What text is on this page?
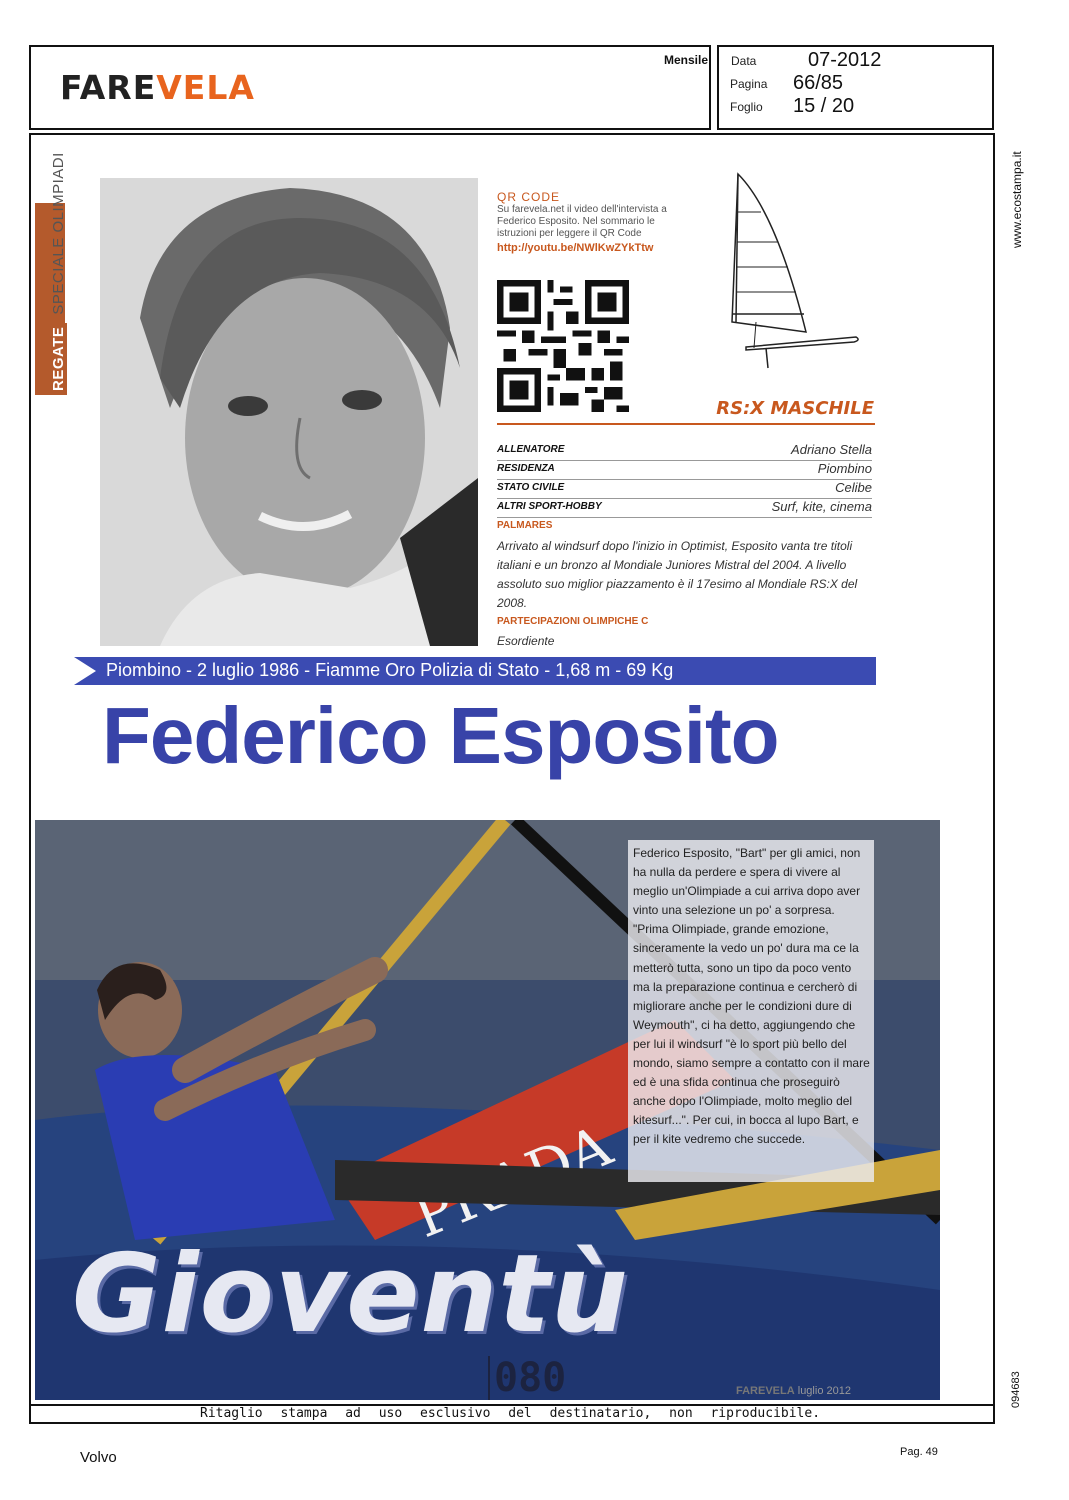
FAREVELA
Mensile Data	07-2012
Pagina 66/85
Foglio 15 / 20
REGATESPECIALE OLIMPIADI	QR CODE
Su farevela.net il video dell'intervista a Federico Esposito. Nel sommario le istruzioni per leggere il QR Code
http://youtu.be/NWlKwZYkTtw
RS:X MASCHILE
ALLENATORE	Adriano Stella
RESIDENZA	Piombino
STATO CIVILE	Celibe
ALTRI SPORT-HOBBY	Surf, kite, cinema
PALMARES
Arrivato al windsurf dopo l'inizio in Optimist, Esposito vanta tre titoli italiani e un bronzo al Mondiale Juniores Mistral del 2004. A livello assoluto suo miglior piazzamento è il 17esimo al Mondiale RS:X del 2008.
PARTECIPAZIONI OLIMPICHE C
Esordiente
Piombino - 2 luglio 1986 - Fiamme Oro Polizia di Stato - 1,68 m - 69 Kg
Federico Esposito
Federico Esposito, "Bart" per gli amici, non ha nulla da perdere e spera di vivere al meglio un'Olimpiade a cui arriva dopo aver vinto una selezione un po' a sorpresa. "Prima Olimpiade, grande emozione, sinceramente la vedo un po' dura ma ce la metterò tutta, sono un tipo da poco vento ma la preparazione continua e cercherò di migliorare anche per le condizioni dure di Weymouth", ci ha detto, aggiungendo che per lui il windsurf "è lo sport più bello del mondo, siamo sempre a contatto con il mare ed è una sfida continua che proseguirò anche dopo l'Olimpiade, molto meglio del kitesurf...". Per cui, in bocca al lupo Bart, e per il kite vedremo che succede.
Gioventù
080	FAREVELA luglio 2012
Ritaglio stampa ad uso esclusivo del destinatario, non riproducibile.
www.ecostampa.it
094683
Volvo	Pag. 49
